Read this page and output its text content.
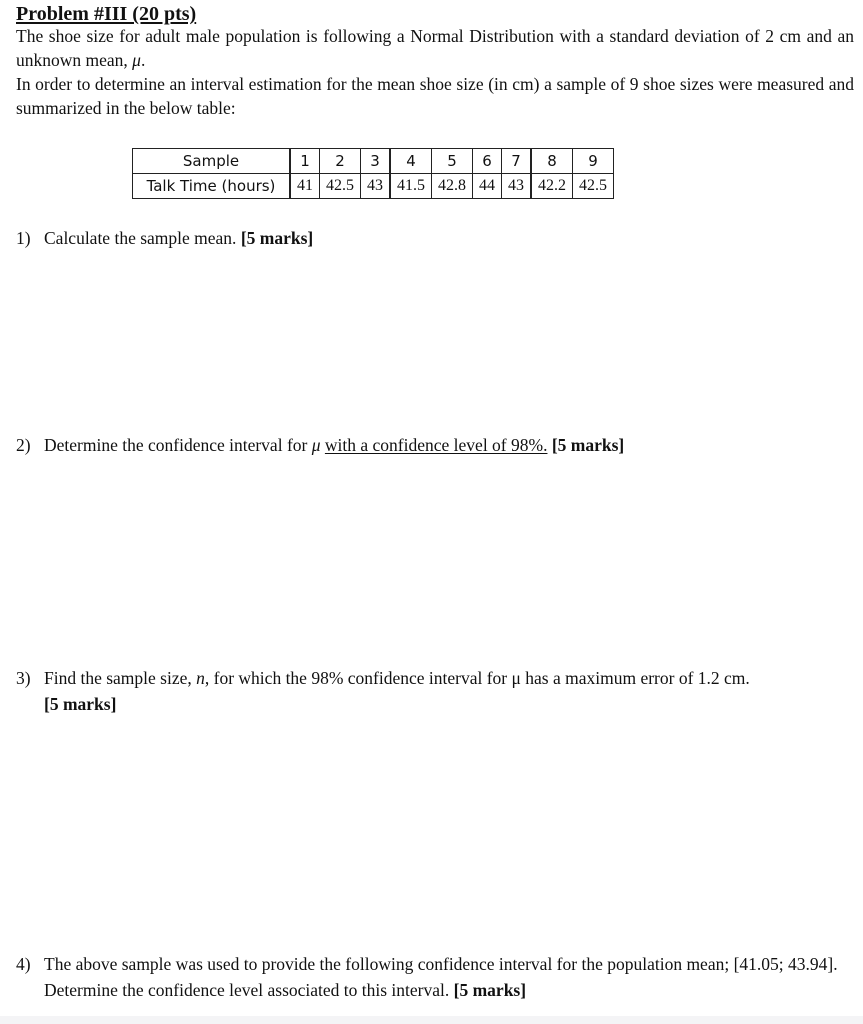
Problem #III (20 pts)

The shoe size for adult male population is following a Normal Distribution with a standard deviation of 2 cm and an unknown mean, μ.

In order to determine an interval estimation for the mean shoe size (in cm) a sample of 9 shoe sizes were measured and summarized in the below table:

Sample	1	2	3	4	5	6	7	8	9
Talk Time (hours)	41	42.5	43	41.5	42.8	44	43	42.2	42.5
1) Calculate the sample mean. [5 marks]
2) Determine the confidence interval for μ with a confidence level of 98%. [5 marks]
3) Find the sample size, n, for which the 98% confidence interval for μ has a maximum error of 1.2 cm.
[5 marks]
4) The above sample was used to provide the following confidence interval for the population mean; [41.05; 43.94]. Determine the confidence level associated to this interval. [5 marks]
